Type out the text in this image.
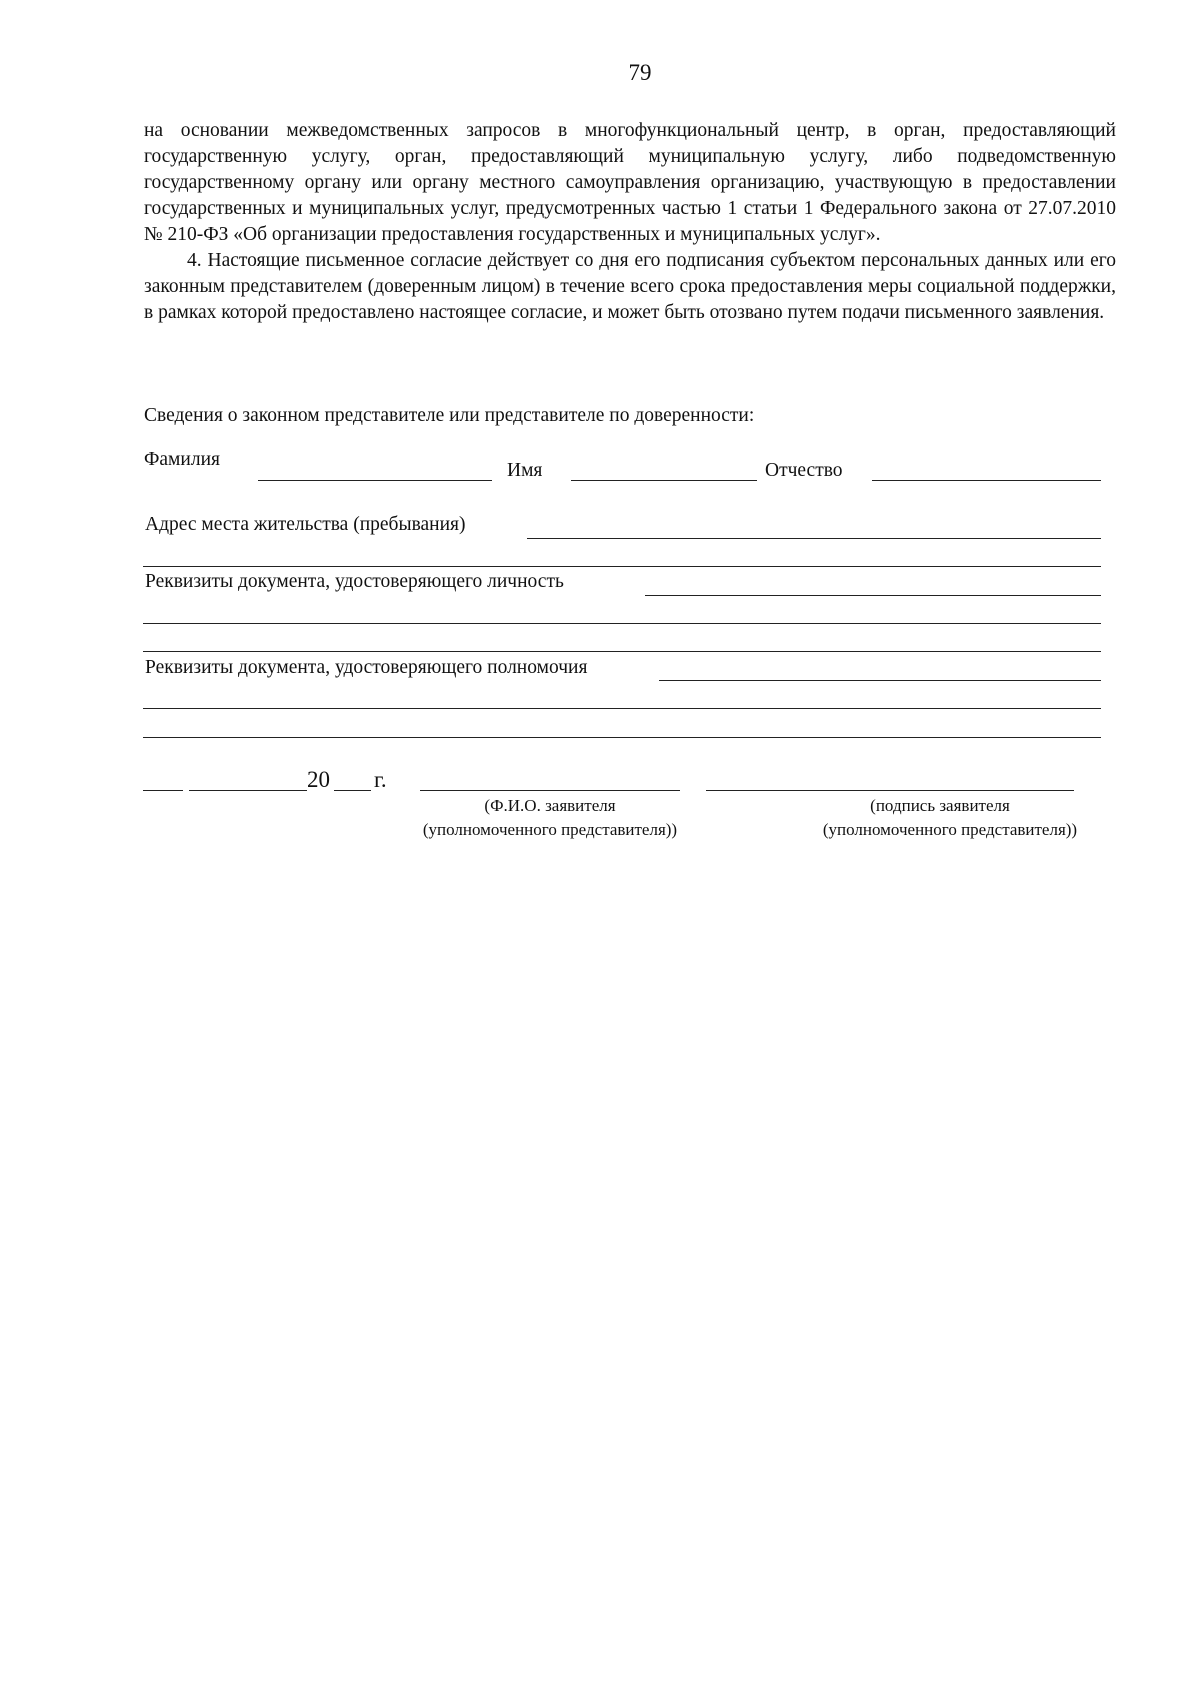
79

на основании межведомственных запросов в многофункциональный центр, в орган, предоставляющий государственную услугу, орган, предоставляющий муниципальную услугу, либо подведомственную государственному органу или органу местного самоуправления организацию, участвующую в предоставлении государственных и муниципальных услуг, предусмотренных частью 1 статьи 1 Федерального закона от 27.07.2010 № 210-ФЗ «Об организации предоставления государственных и муниципальных услуг».

4. Настоящие письменное согласие действует со дня его подписания субъектом персональных данных или его законным представителем (доверенным лицом) в течение всего срока предоставления меры социальной поддержки, в рамках которой предоставлено настоящее согласие, и может быть отозвано путем подачи письменного заявления.

Сведения о законном представителе или представителе по доверенности:
Фамилия
Имя	Отчество
Адрес места жительства (пребывания)
Реквизиты документа, удостоверяющего личность
Реквизиты документа, удостоверяющего полномочия
20 г.
(Ф.И.О. заявителя
(уполномоченного представителя))
(подпись заявителя
(уполномоченного представителя))
